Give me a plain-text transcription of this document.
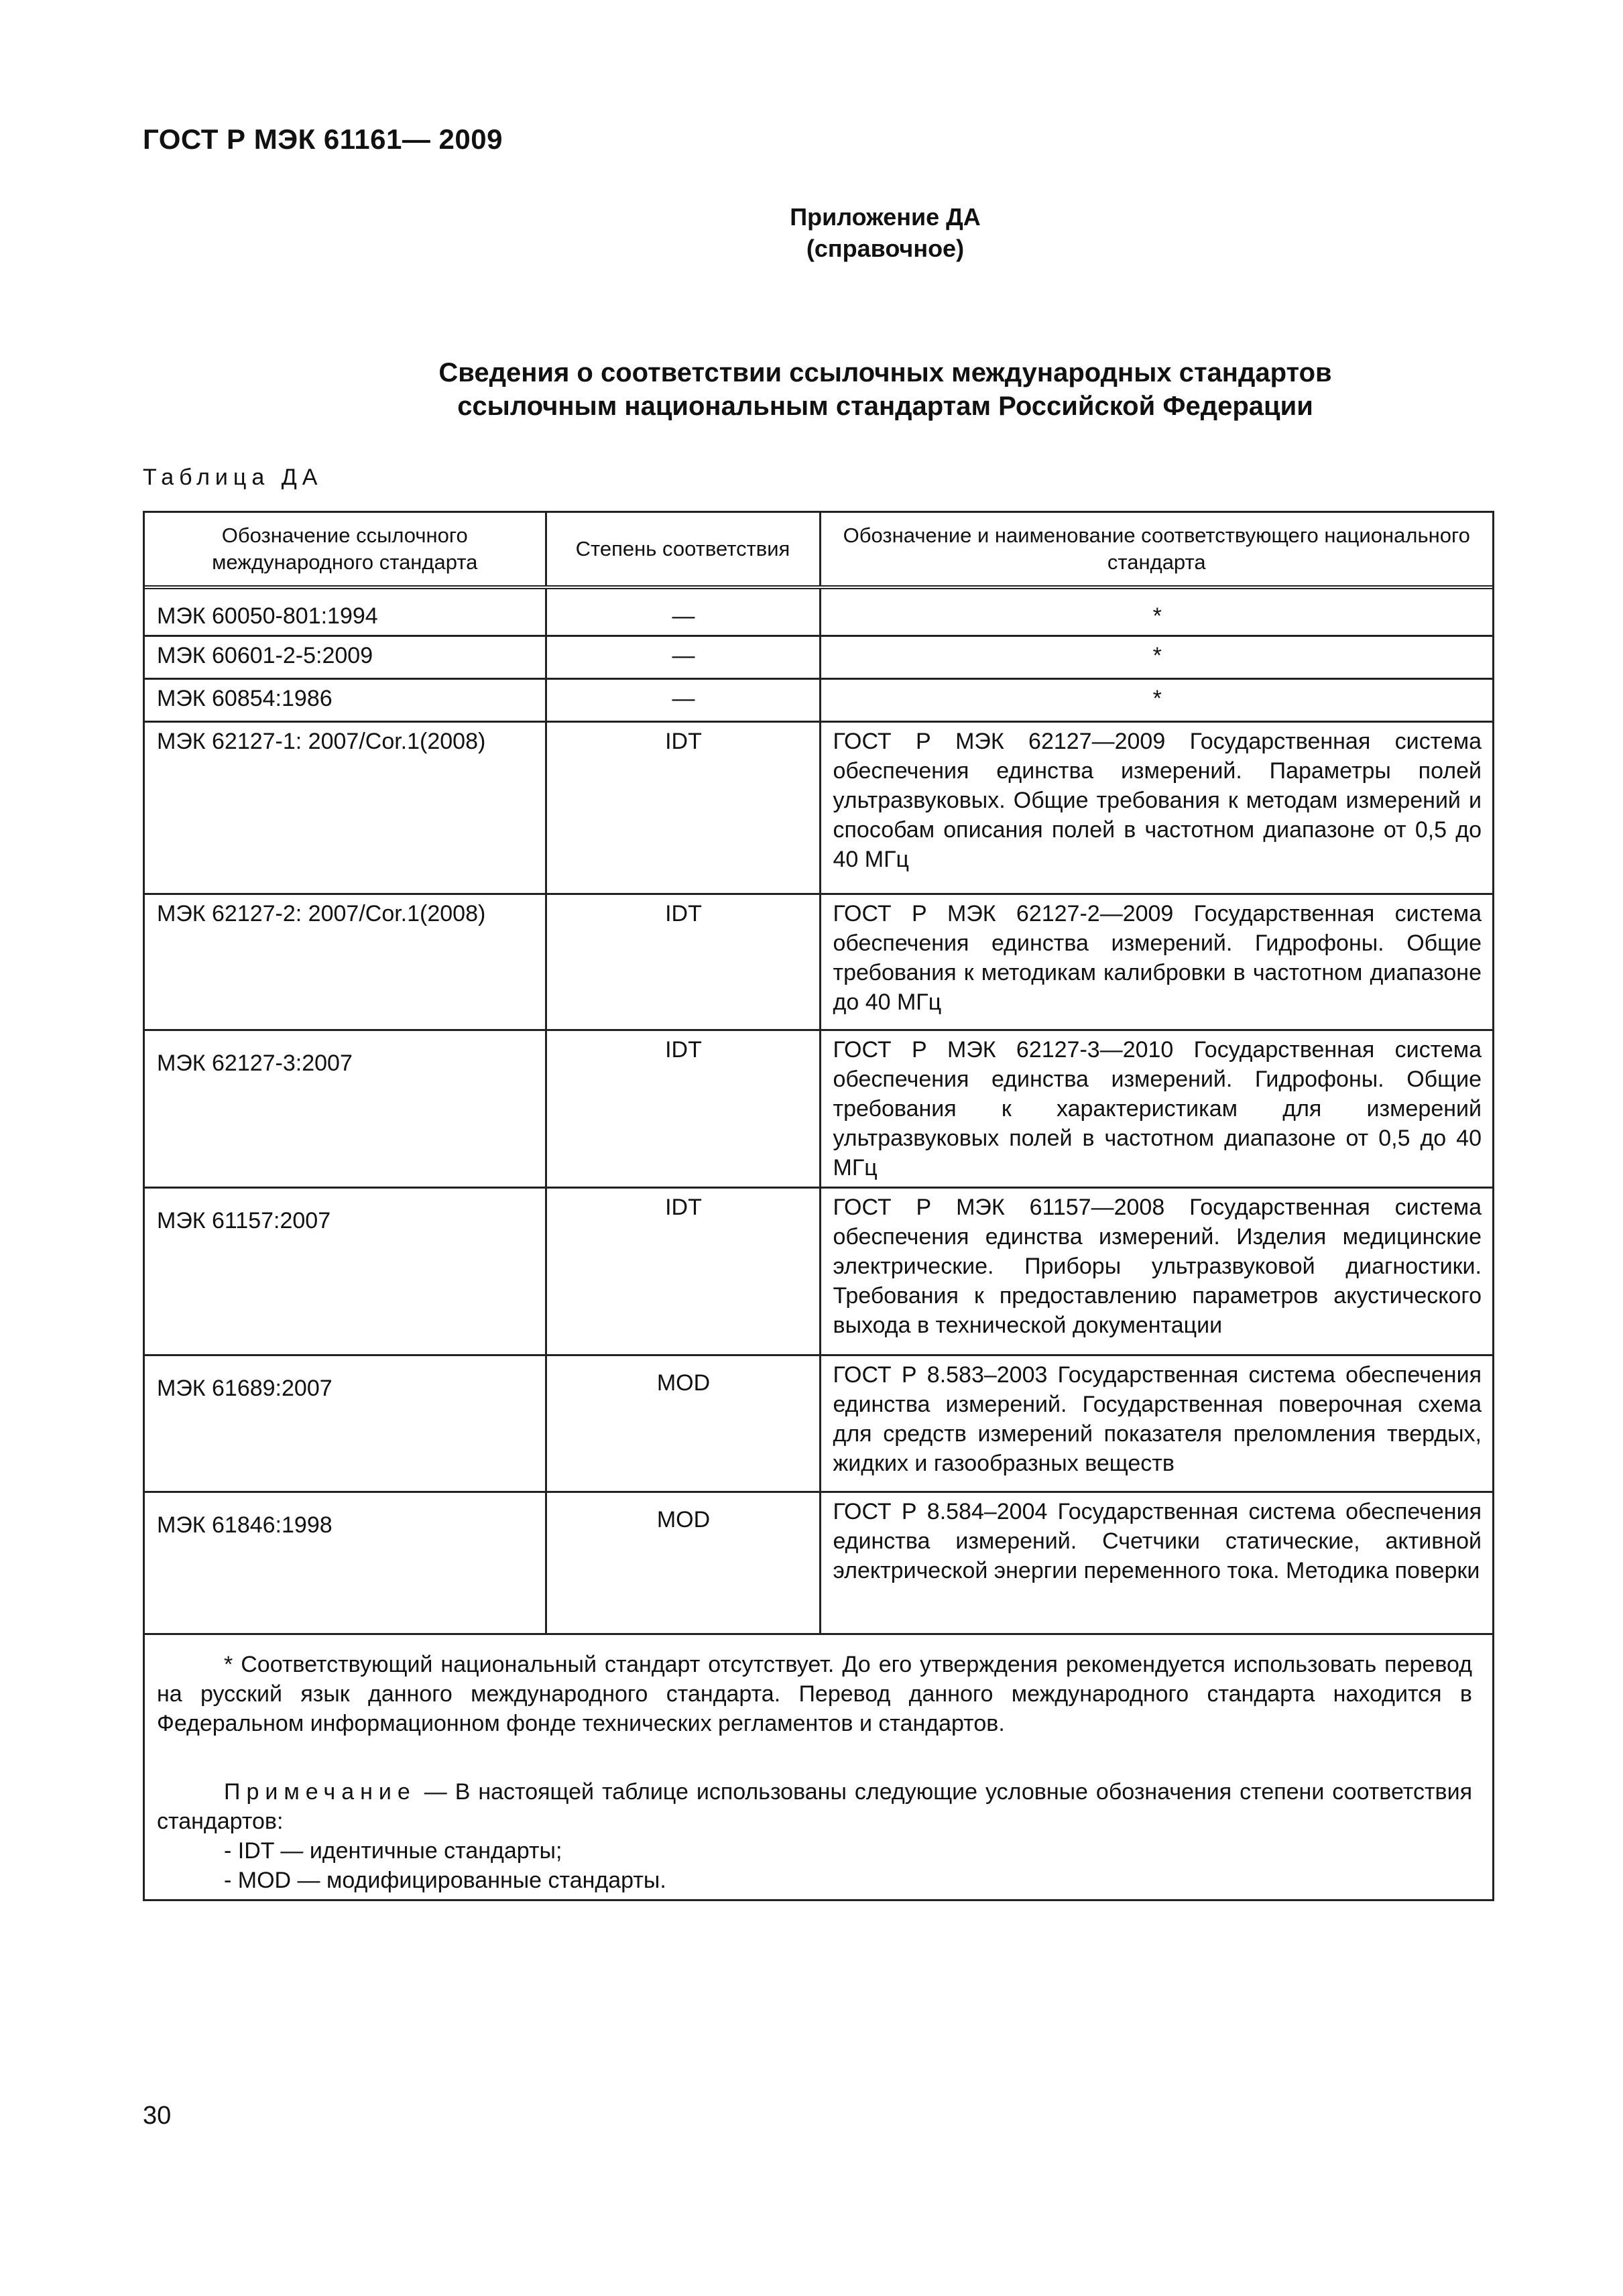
ГОСТ Р МЭК 61161— 2009
Приложение ДА
(справочное)
Сведения о соответствии ссылочных международных стандартов
ссылочным национальным стандартам Российской Федерации
Таблица ДА
Обозначение ссылочного международного стандарта	Степень соответствия	Обозначение и наименование соответствующего национального стандарта
МЭК 60050-801:1994	—	*
МЭК 60601-2-5:2009	—	*
МЭК 60854:1986	—	*
МЭК 62127-1: 2007/Cor.1(2008)	IDT	ГОСТ Р МЭК 62127—2009 Государственная система обеспечения единства измерений. Параметры полей ультразвуковых. Общие требования к методам измерений и способам описания полей в частотном диапазоне от 0,5 до 40 МГц
МЭК 62127-2: 2007/Cor.1(2008)	IDT	ГОСТ Р МЭК 62127-2—2009 Государственная система обеспечения единства измерений. Гидрофоны. Общие требования к методикам калибровки в частотном диапазоне до 40 МГц
МЭК 62127-3:2007	IDT	ГОСТ Р МЭК 62127-3—2010 Государственная система обеспечения единства измерений. Гидрофоны. Общие требования к характеристикам для измерений ультразвуковых полей в частотном диапазоне от 0,5 до 40 МГц
МЭК 61157:2007	IDT	ГОСТ Р МЭК 61157—2008 Государственная система обеспечения единства измерений. Изделия медицинские электрические. Приборы ультразвуковой диагностики. Требования к предоставлению параметров акустического выхода в технической документации
МЭК 61689:2007	MOD	ГОСТ Р 8.583–2003 Государственная система обеспечения единства измерений. Государственная поверочная схема для средств измерений показателя преломления твердых, жидких и газообразных веществ
МЭК 61846:1998	MOD	ГОСТ Р 8.584–2004 Государственная система обеспечения единства измерений. Счетчики статические, активной электрической энергии переменного тока. Методика поверки

* Соответствующий национальный стандарт отсутствует. До его утверждения рекомендуется использовать перевод на русский язык данного международного стандарта. Перевод данного международного стандарта находится в Федеральном информационном фонде технических регламентов и стандартов.

Примечание — В настоящей таблице использованы следующие условные обозначения степени соответствия стандартов:

- IDT — идентичные стандарты;
- MOD — модифицированные стандарты.
30
